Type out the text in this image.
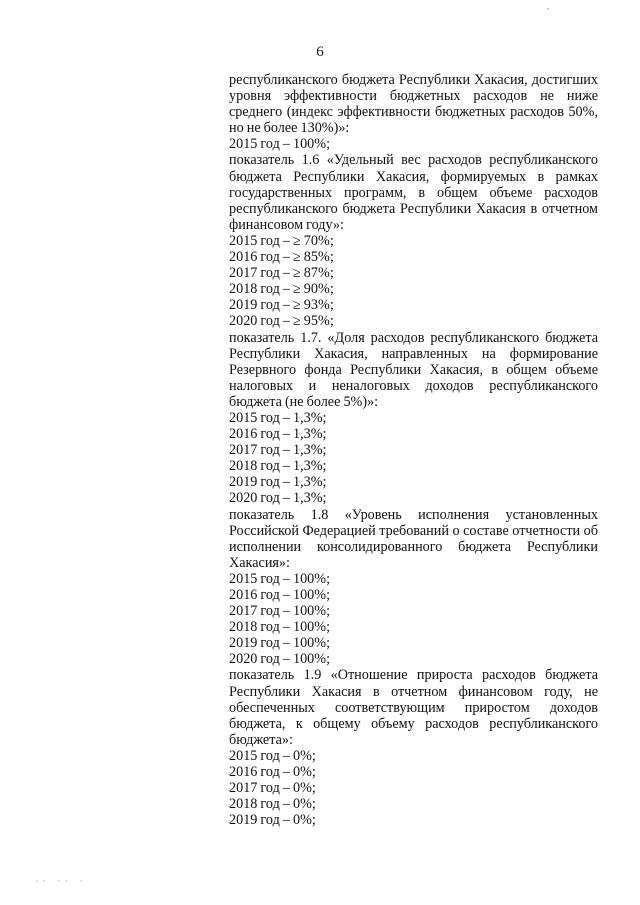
6
республиканского бюджета Республики Хакасия, достигших
уровня эффективности бюджетных расходов не ниже
среднего (индекс эффективности бюджетных расходов 50%,
но не более 130%)»:
2015 год – 100%;
показатель 1.6 «Удельный вес расходов республиканского
бюджета Республики Хакасия, формируемых в рамках
государственных программ, в общем объеме расходов
республиканского бюджета Республики Хакасия в отчетном
финансовом году»:
2015 год – ≥ 70%;
2016 год – ≥ 85%;
2017 год – ≥ 87%;
2018 год – ≥ 90%;
2019 год – ≥ 93%;
2020 год – ≥ 95%;
показатель 1.7. «Доля расходов республиканского бюджета
Республики Хакасия, направленных на формирование
Резервного фонда Республики Хакасия, в общем объеме
налоговых и неналоговых доходов республиканского
бюджета (не более 5%)»:
2015 год – 1,3%;
2016 год – 1,3%;
2017 год – 1,3%;
2018 год – 1,3%;
2019 год – 1,3%;
2020 год – 1,3%;
показатель 1.8 «Уровень исполнения установленных
Российской Федерацией требований о составе отчетности об
исполнении консолидированного бюджета Республики
Хакасия»:
2015 год – 100%;
2016 год – 100%;
2017 год – 100%;
2018 год – 100%;
2019 год – 100%;
2020 год – 100%;
показатель 1.9 «Отношение прироста расходов бюджета
Республики Хакасия в отчетном финансовом году, не
обеспеченных соответствующим приростом доходов
бюджета, к общему объему расходов республиканского
бюджета»:
2015 год – 0%;
2016 год – 0%;
2017 год – 0%;
2018 год – 0%;
2019 год – 0%;
·· ·· ·
